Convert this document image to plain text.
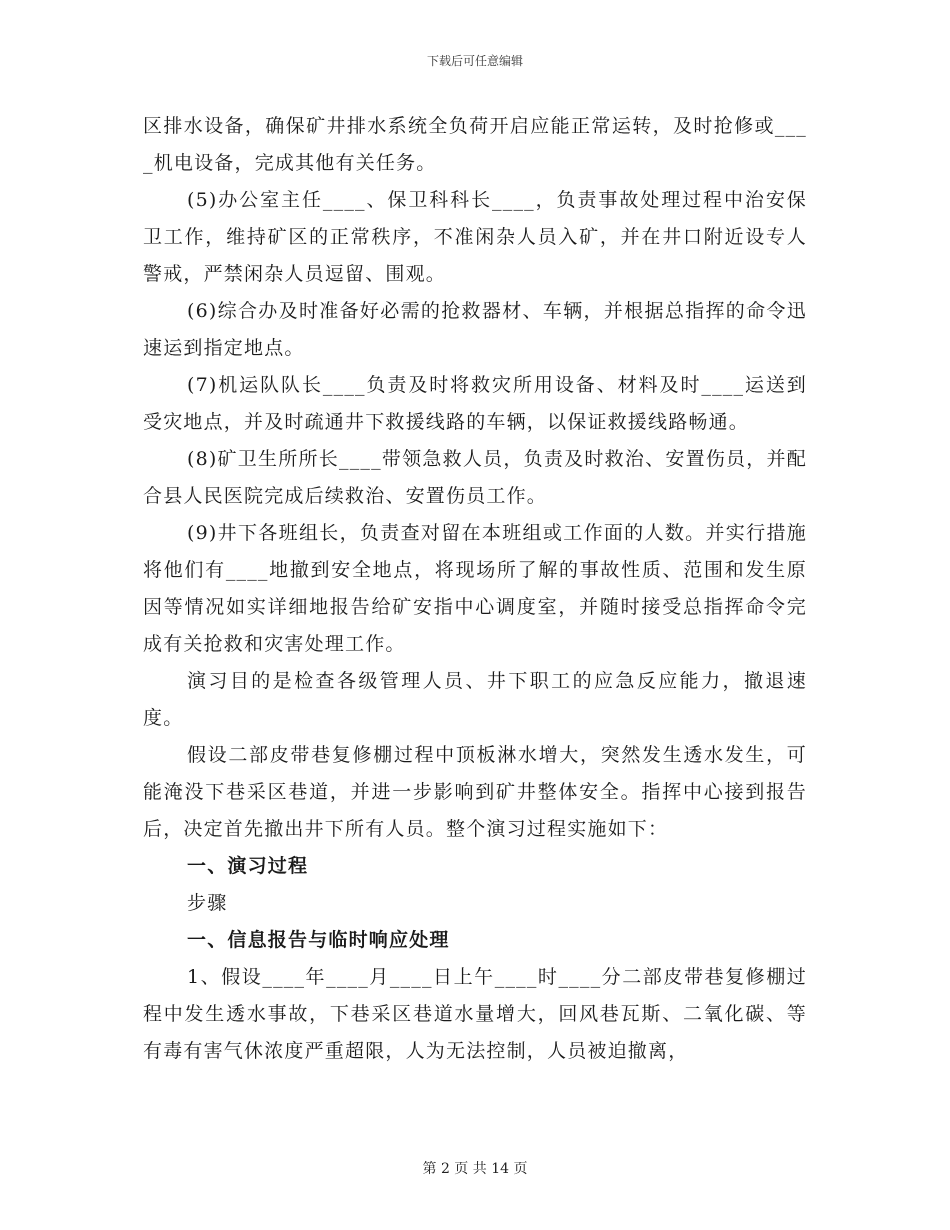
下载后可任意编辑

区排水设备，确保矿井排水系统全负荷开启应能正常运转，及时抢修或____机电设备，完成其他有关任务。

(5)办公室主任____、保卫科科长____，负责事故处理过程中治安保卫工作，维持矿区的正常秩序，不准闲杂人员入矿，并在井口附近设专人警戒，严禁闲杂人员逗留、围观。

(6)综合办及时准备好必需的抢救器材、车辆，并根据总指挥的命令迅速运到指定地点。

(7)机运队队长____负责及时将救灾所用设备、材料及时____运送到受灾地点，并及时疏通井下救援线路的车辆，以保证救援线路畅通。

(8)矿卫生所所长____带领急救人员，负责及时救治、安置伤员，并配合县人民医院完成后续救治、安置伤员工作。

(9)井下各班组长，负责查对留在本班组或工作面的人数。并实行措施将他们有____地撤到安全地点，将现场所了解的事故性质、范围和发生原因等情况如实详细地报告给矿安指中心调度室，并随时接受总指挥命令完成有关抢救和灾害处理工作。

演习目的是检查各级管理人员、井下职工的应急反应能力，撤退速度。

假设二部皮带巷复修棚过程中顶板淋水增大，突然发生透水发生，可能淹没下巷采区巷道，并进一步影响到矿井整体安全。指挥中心接到报告后，决定首先撤出井下所有人员。整个演习过程实施如下：

一、演习过程

步骤

一、信息报告与临时响应处理

1、假设____年____月____日上午____时____分二部皮带巷复修棚过程中发生透水事故，下巷采区巷道水量增大，回风巷瓦斯、二氧化碳、等有毒有害气休浓度严重超限，人为无法控制，人员被迫撤离，

第 2 页 共 14 页
